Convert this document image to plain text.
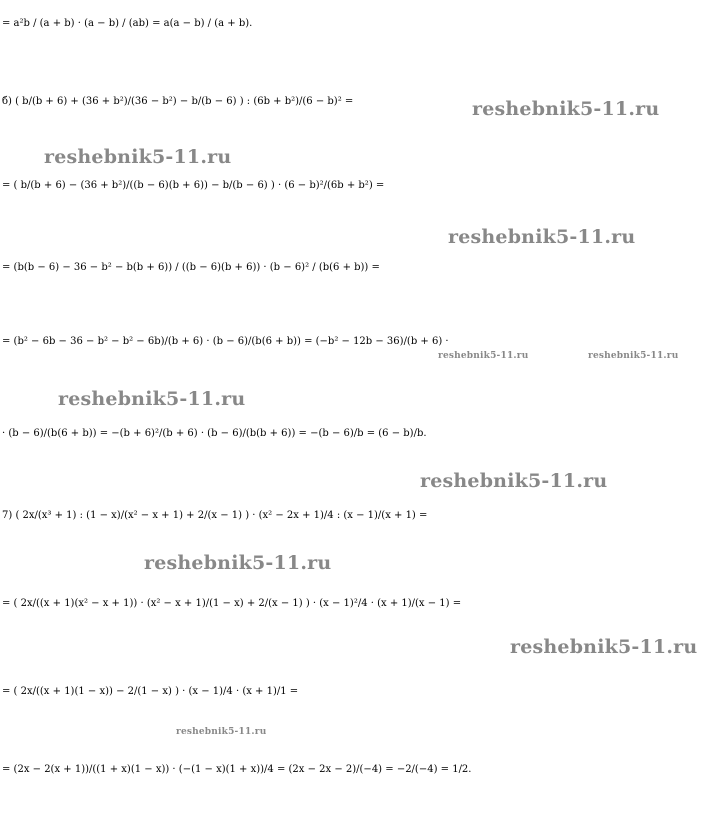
= a²b / (a + b) · (a − b) / (ab) = a(a − b) / (a + b).
б) ( b/(b + 6) + (36 + b²)/(36 − b²) − b/(b − 6) ) : (6b + b²)/(6 − b)² =
= ( b/(b + 6) − (36 + b²)/((b − 6)(b + 6)) − b/(b − 6) ) · (6 − b)²/(6b + b²) =
= (b(b − 6) − 36 − b² − b(b + 6)) / ((b − 6)(b + 6)) · (b − 6)² / (b(6 + b)) =
= (b² − 6b − 36 − b² − b² − 6b)/(b + 6) · (b − 6)/(b(6 + b)) = (−b² − 12b − 36)/(b + 6) ·
· (b − 6)/(b(6 + b)) = −(b + 6)²/(b + 6) · (b − 6)/(b(b + 6)) = −(b − 6)/b = (6 − b)/b.
7) ( 2x/(x³ + 1) : (1 − x)/(x² − x + 1) + 2/(x − 1) ) · (x² − 2x + 1)/4 : (x − 1)/(x + 1) =
= ( 2x/((x + 1)(x² − x + 1)) · (x² − x + 1)/(1 − x) + 2/(x − 1) ) · (x − 1)²/4 · (x + 1)/(x − 1) =
= ( 2x/((x + 1)(1 − x)) − 2/(1 − x) ) · (x − 1)/4 · (x + 1)/1 =
= (2x − 2(x + 1))/((1 + x)(1 − x)) · (−(1 − x)(1 + x))/4 = (2x − 2x − 2)/(−4) = −2/(−4) = 1/2.
reshebnik5-11.ru
reshebnik5-11.ru
reshebnik5-11.ru
reshebnik5-11.ru	reshebnik5-11.ru
reshebnik5-11.ru
reshebnik5-11.ru
reshebnik5-11.ru
reshebnik5-11.ru
reshebnik5-11.ru
